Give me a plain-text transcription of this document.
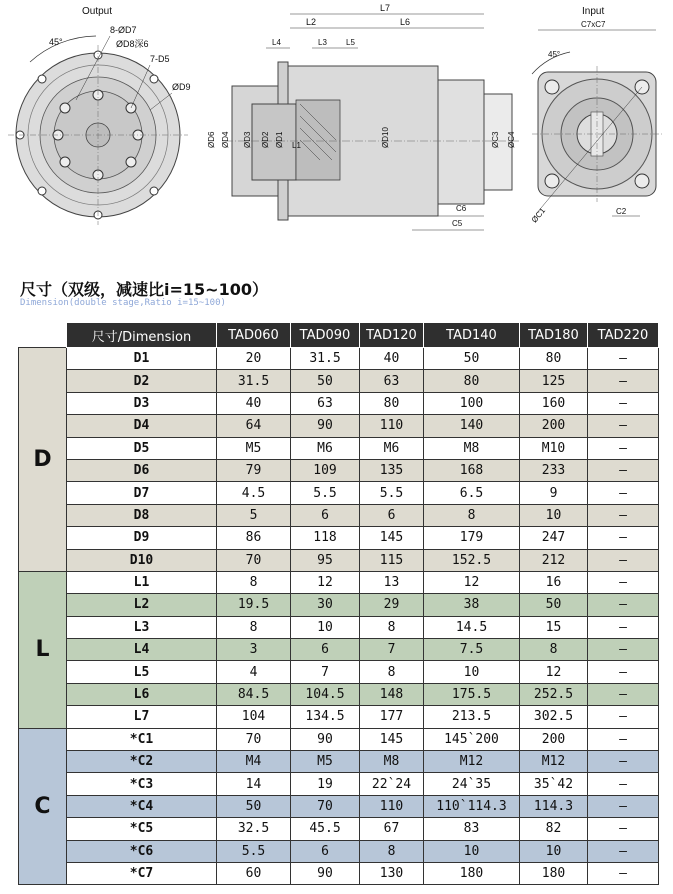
Output
45°
8-ØD7
ØD8深6
7-D5
ØD9
L7
L2	L6
L4	L3 L5
ØD6 ØD4 ØD3 ØD2 ØD1 L1	ØD10	ØC3 ØC4
C6
C5
Input
C7xC7
45°
ØC1	C2
尺寸（双级，减速比i=15~100）
Dimension(double stage,Ratio i=15~100)
	尺寸/Dimension	TAD060	TAD090	TAD120	TAD140	TAD180	TAD220
D	D1	20	31.5	40	50	80	–
	D2	31.5	50	63	80	125	–
	D3	40	63	80	100	160	–
	D4	64	90	110	140	200	–
	D5	M5	M6	M6	M8	M10	–
	D6	79	109	135	168	233	–
	D7	4.5	5.5	5.5	6.5	9	–
	D8	5	6	6	8	10	–
	D9	86	118	145	179	247	–
	D10	70	95	115	152.5	212	–
L	L1	8	12	13	12	16	–
	L2	19.5	30	29	38	50	–
	L3	8	10	8	14.5	15	–
	L4	3	6	7	7.5	8	–
	L5	4	7	8	10	12	–
	L6	84.5	104.5	148	175.5	252.5	–
	L7	104	134.5	177	213.5	302.5	–
C	*C1	70	90	145	145`200	200	–
	*C2	M4	M5	M8	M12	M12	–
	*C3	14	19	22`24	24`35	35`42	–
	*C4	50	70	110	110`114.3	114.3	–
	*C5	32.5	45.5	67	83	82	–
	*C6	5.5	6	8	10	10	–
	*C7	60	90	130	180	180	–
